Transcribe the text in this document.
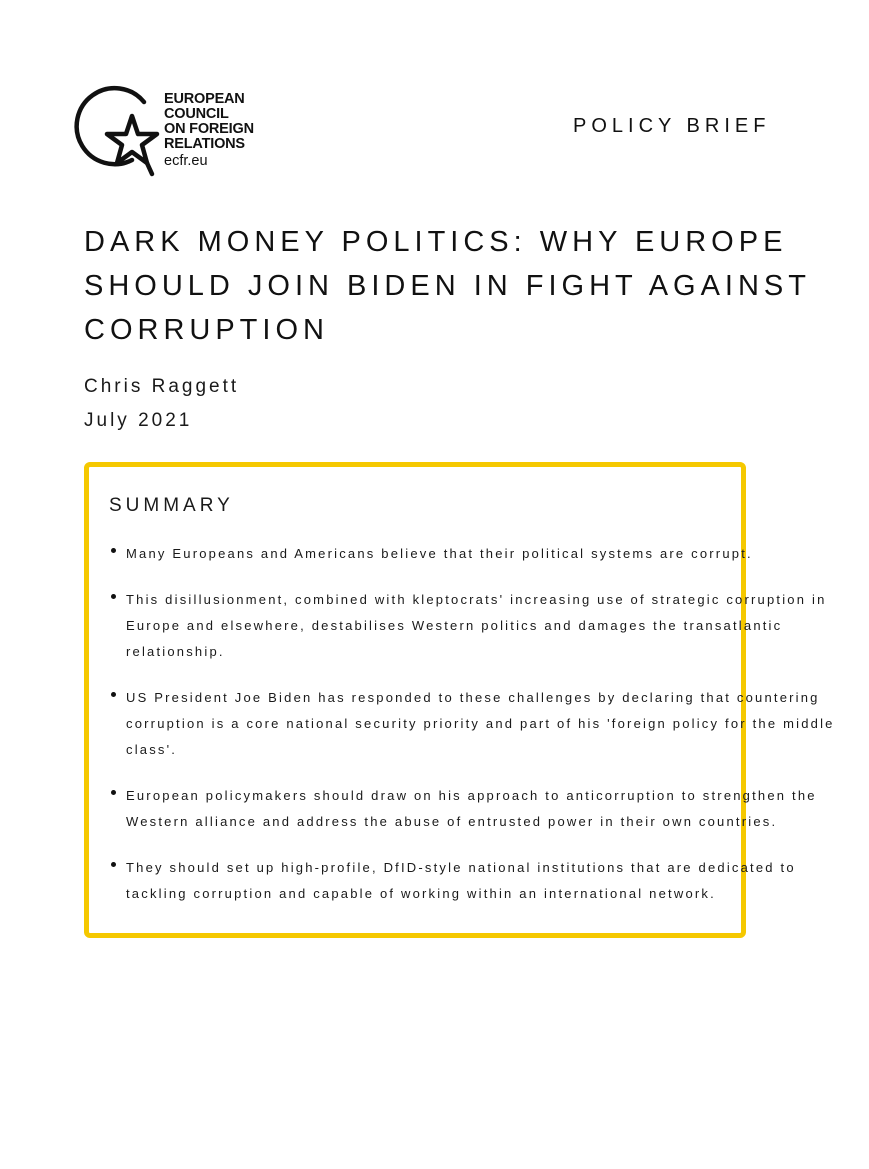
EUROPEAN
COUNCIL
ON FOREIGN
RELATIONS
ecfr.eu
POLICY BRIEF
DARK MONEY POLITICS: WHY EUROPE
SHOULD JOIN BIDEN IN FIGHT AGAINST
CORRUPTION
Chris Raggett
July 2021
SUMMARY
Many Europeans and Americans believe that their political systems are corrupt.
This disillusionment, combined with kleptocrats' increasing use of strategic corruption in
Europe and elsewhere, destabilises Western politics and damages the transatlantic
relationship.
US President Joe Biden has responded to these challenges by declaring that countering
corruption is a core national security priority and part of his 'foreign policy for the middle
class'.
European policymakers should draw on his approach to anticorruption to strengthen the
Western alliance and address the abuse of entrusted power in their own countries.
They should set up high-profile, DfID-style national institutions that are dedicated to
tackling corruption and capable of working within an international network.
